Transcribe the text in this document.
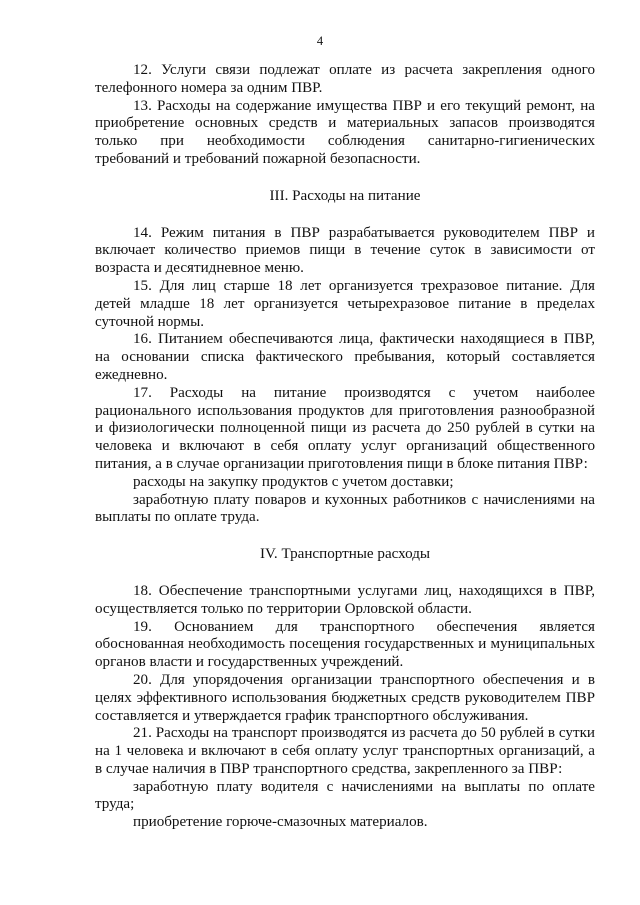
4

12. Услуги связи подлежат оплате из расчета закрепления одного телефонного номера за одним ПВР.

13. Расходы на содержание имущества ПВР и его текущий ремонт, на приобретение основных средств и материальных запасов производятся только при необходимости соблюдения санитарно-гигиенических требований и требований пожарной безопасности.

III. Расходы на питание

14. Режим питания в ПВР разрабатывается руководителем ПВР и включает количество приемов пищи в течение суток в зависимости от возраста и десятидневное меню.

15. Для лиц старше 18 лет организуется трехразовое питание. Для детей младше 18 лет организуется четырехразовое питание в пределах суточной нормы.

16. Питанием обеспечиваются лица, фактически находящиеся в ПВР, на основании списка фактического пребывания, который составляется ежедневно.

17. Расходы на питание производятся с учетом наиболее рационального использования продуктов для приготовления разнообразной и физиологически полноценной пищи из расчета до 250 рублей в сутки на человека и включают в себя оплату услуг организаций общественного питания, а в случае организации приготовления пищи в блоке питания ПВР:

расходы на закупку продуктов с учетом доставки;

заработную плату поваров и кухонных работников с начислениями на выплаты по оплате труда.

IV. Транспортные расходы

18. Обеспечение транспортными услугами лиц, находящихся в ПВР, осуществляется только по территории Орловской области.

19. Основанием для транспортного обеспечения является обоснованная необходимость посещения государственных и муниципальных органов власти и государственных учреждений.

20. Для упорядочения организации транспортного обеспечения и в целях эффективного использования бюджетных средств руководителем ПВР составляется и утверждается график транспортного обслуживания.

21. Расходы на транспорт производятся из расчета до 50 рублей в сутки на 1 человека и включают в себя оплату услуг транспортных организаций, а в случае наличия в ПВР транспортного средства, закрепленного за ПВР:

заработную плату водителя с начислениями на выплаты по оплате труда;

приобретение горюче-смазочных материалов.
